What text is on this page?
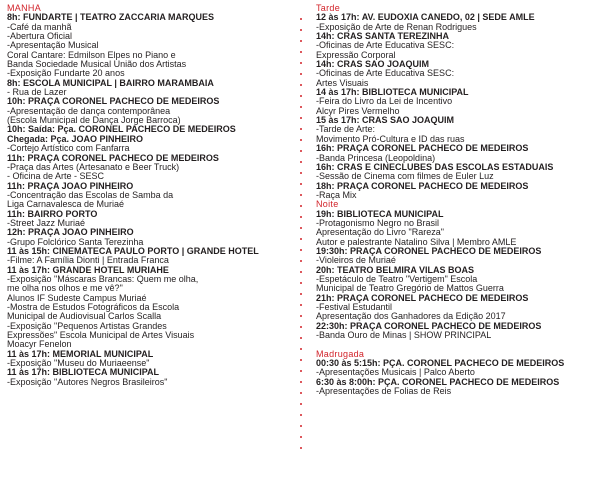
MANHÃ
8h: FUNDARTE | TEATRO ZACCARIA MARQUES
-Café da manhã
-Abertura Oficial
-Apresentação Musical
Coral Cantare: Edmilson Elpes no Piano e
Banda Sociedade Musical União dos Artistas
-Exposição Fundarte 20 anos
8h: ESCOLA MUNICIPAL | BAIRRO MARAMBAIA
- Rua de Lazer
10h: PRAÇA CORONEL PACHECO DE MEDEIROS
-Apresentação de dança contemporânea
(Escola Municipal de Dança Jorge Barroca)
10h: Saída: Pça. CORONEL PACHECO DE MEDEIROS
Chegada: Pça. JOÃO PINHEIRO
-Cortejo Artístico com Fanfarra
11h: PRAÇA CORONEL PACHECO DE MEDEIROS
-Praça das Artes (Artesanato e Beer Truck)
- Oficina de Arte - SESC
11h: PRAÇA JOÃO PINHEIRO
-Concentração das Escolas de Samba da
Liga Carnavalesca de Muriaé
11h: BAIRRO PORTO
-Street Jazz Muriaé
12h: PRAÇA JOÃO PINHEIRO
-Grupo Folclórico Santa Terezinha
11 às 15h: CINEMATECA PAULO PORTO | GRANDE HOTEL
-Filme: A Família Dionti | Entrada Franca
11 às 17h: GRANDE HOTEL MURIAHE
-Exposição "Máscaras Brancas: Quem me olha,
me olha nos olhos e me vê?"
Alunos IF Sudeste Campus Muriaé
-Mostra de Estudos Fotográficos da Escola
Municipal de Audiovisual Carlos Scalla
-Exposição "Pequenos Artistas Grandes
Expressões" Escola Municipal de Artes Visuais
Moacyr Fenelon
11 às 17h: MEMORIAL MUNICIPAL
-Exposição "Museu do Muriaeense"
11 às 17h: BIBLIOTECA MUNICIPAL
-Exposição "Autores Negros Brasileiros"
Tarde
12 às 17h: AV. EUDÓXIA CANÊDO, 02 | SEDE AMLE
-Exposição de Arte de Renan Rodrigues
14h: CRAS SANTA TEREZINHA
-Oficinas de Arte Educativa SESC:
Expressão Corporal
14h: CRAS SÃO JOAQUIM
-Oficinas de Arte Educativa SESC:
Artes Visuais
14 às 17h: BIBLIOTECA MUNICIPAL
-Feira do Livro da Lei de Incentivo
Alcyr Pires Vermelho
15 às 17h: CRAS SÃO JOAQUIM
-Tarde de Arte:
Movimento Pró-Cultura e ID das ruas
16h: PRAÇA CORONEL PACHECO DE MEDEIROS
-Banda Princesa (Leopoldina)
16h: CRAS E CINECLUBES DAS ESCOLAS ESTADUAIS
-Sessão de Cinema com filmes de Euler Luz
18h: PRAÇA CORONEL PACHECO DE MEDEIROS
-Raça Mix
Noite
19h: BIBLIOTECA MUNICIPAL
-Protagonismo Negro no Brasil
Apresentação do Livro "Rareza"
Autor e palestrante Natalino Silva | Membro AMLE
19:30h: PRAÇA CORONEL PACHECO DE MEDEIROS
-Violeiros de Muriaé
20h: TEATRO BELMIRA VILAS BOAS
-Espetáculo de Teatro "Vertigem" Escola
Municipal de Teatro Gregório de Mattos Guerra
21h: PRAÇA CORONEL PACHECO DE MEDEIROS
-Festival Estudantil
Apresentação dos Ganhadores da Edição 2017
22:30h: PRAÇA CORONEL PACHECO DE MEDEIROS
-Banda Ouro de Minas | SHOW PRINCIPAL
Madrugada
00:30 às 5:15h: PÇA. CORONEL PACHECO DE MEDEIROS
-Apresentações Musicais | Palco Aberto
6:30 às 8:00h: PÇA. CORONEL PACHECO DE MEDEIROS
-Apresentações de Folias de Reis
